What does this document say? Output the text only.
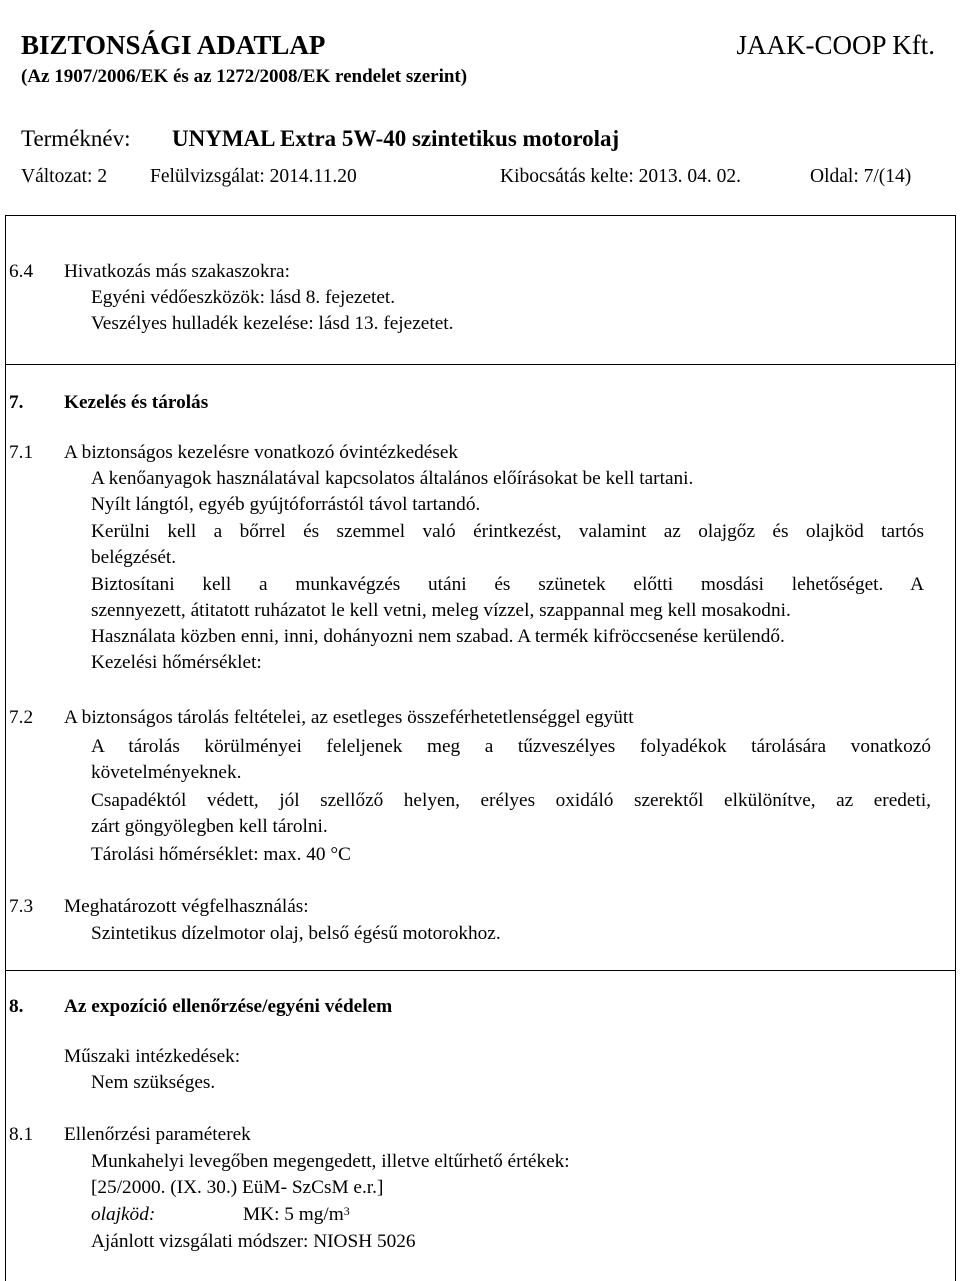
BIZTONSÁGI ADATLAP	JAAK-COOP Kft.
(Az 1907/2006/EK és az 1272/2008/EK rendelet szerint)
Terméknév: UNYMAL Extra 5W-40 szintetikus motorolaj
Változat: 2 Felülvizsgálat: 2014.11.20	Kibocsátás kelte: 2013. 04. 02.	Oldal: 7/(14)
6.4 Hivatkozás más szakaszokra:
Egyéni védőeszközök: lásd 8. fejezetet.
Veszélyes hulladék kezelése: lásd 13. fejezetet.
7. Kezelés és tárolás
7.1 A biztonságos kezelésre vonatkozó óvintézkedések
A kenőanyagok használatával kapcsolatos általános előírásokat be kell tartani.
Nyílt lángtól, egyéb gyújtóforrástól távol tartandó.
Kerülni kell a bőrrel és szemmel való érintkezést, valamint az olajgőz és olajköd tartós
belégzését.
Biztosítani kell a munkavégzés utáni és szünetek előtti mosdási lehetőséget. A
szennyezett, átitatott ruházatot le kell vetni, meleg vízzel, szappannal meg kell mosakodni.
Használata közben enni, inni, dohányozni nem szabad. A termék kifröccsenése kerülendő.
Kezelési hőmérséklet:
7.2 A biztonságos tárolás feltételei, az esetleges összeférhetetlenséggel együtt
A tárolás körülményei feleljenek meg a tűzveszélyes folyadékok tárolására vonatkozó
követelményeknek.
Csapadéktól védett, jól szellőző helyen, erélyes oxidáló szerektől elkülönítve, az eredeti,
zárt göngyölegben kell tárolni.
Tárolási hőmérséklet: max. 40 °C
7.3 Meghatározott végfelhasználás:
Szintetikus dízelmotor olaj, belső égésű motorokhoz.
8. Az expozíció ellenőrzése/egyéni védelem
Műszaki intézkedések:
Nem szükséges.
8.1 Ellenőrzési paraméterek
Munkahelyi levegőben megengedett, illetve eltűrhető értékek:
[25/2000. (IX. 30.) EüM- SzCsM e.r.]
olajköd:	MK: 5 $mg/m^3$
Ajánlott vizsgálati módszer: NIOSH 5026
